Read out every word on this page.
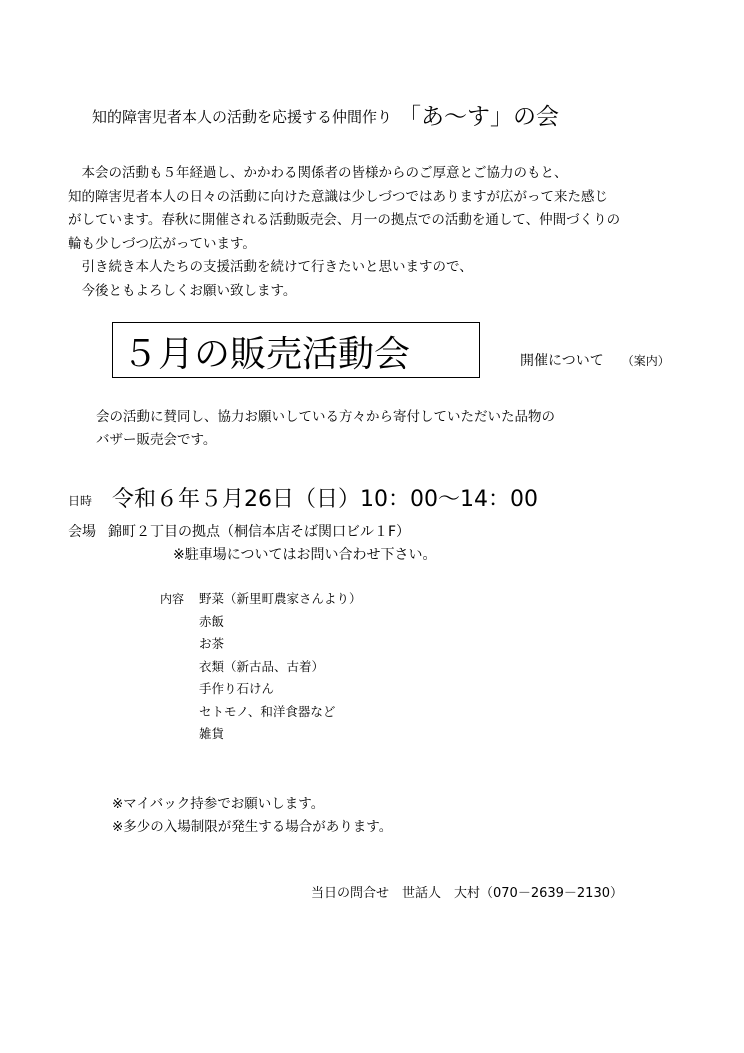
知的障害児者本人の活動を応援する仲間作り 「あ～す」の会
　本会の活動も５年経過し、かかわる関係者の皆様からのご厚意とご協力のもと、
知的障害児者本人の日々の活動に向けた意識は少しづつではありますが広がって来た感じ
がしています。春秋に開催される活動販売会、月一の拠点での活動を通して、仲間づくりの
輪も少しづつ広がっています。
　引き続き本人たちの支援活動を続けて行きたいと思いますので、
　今後ともよろしくお願い致します。
５月の販売活動会	開催について （案内）
会の活動に賛同し、協力お願いしている方々から寄付していただいた品物の
バザー販売会です。
日時 令和６年５月26日（日）10：00～14：00
会場 錦町２丁目の拠点（桐信本店そば関口ビル１F）
※駐車場についてはお問い合わせ下さい。
内容 野菜（新里町農家さんより）
赤飯
お茶
衣類（新古品、古着）
手作り石けん
セトモノ、和洋食器など
雑貨
※マイバック持参でお願いします。
※多少の入場制限が発生する場合があります。
当日の問合せ　世話人　大村（070－2639－2130）
